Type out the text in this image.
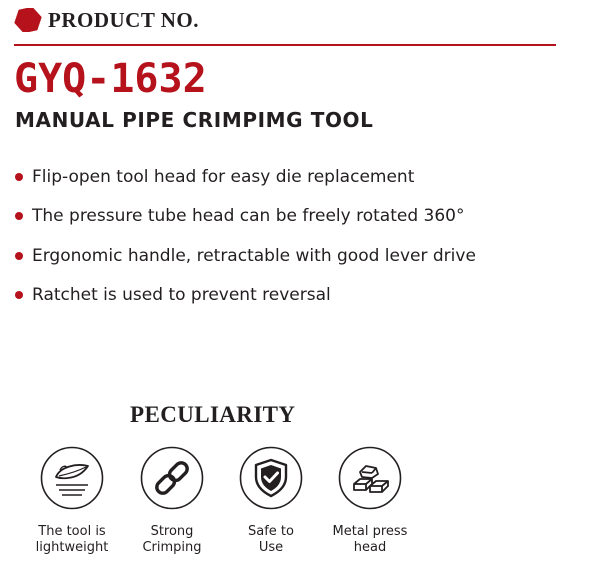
PRODUCT NO.
GYQ-1632
MANUAL PIPE CRIMPIMG TOOL
Flip-open tool head for easy die replacement
The pressure tube head can be freely rotated 360°
Ergonomic handle, retractable with good lever drive
Ratchet is used to prevent reversal
PECULIARITY
The tool is
lightweight
Strong
Crimping
Safe to
Use
Metal press
head
